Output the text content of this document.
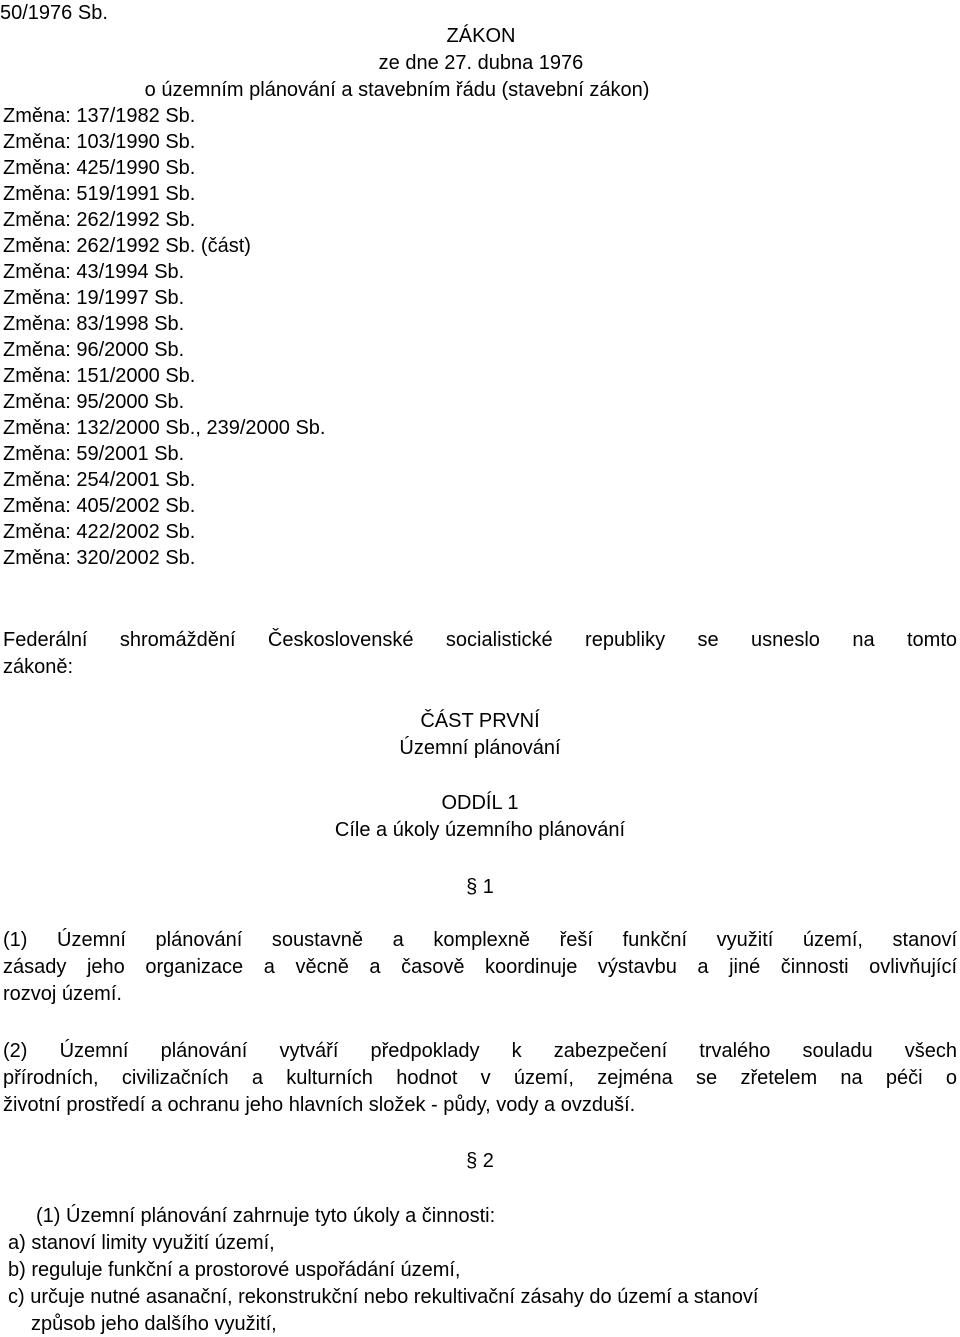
50/1976 Sb.
ZÁKON
ze dne 27. dubna 1976
o územním plánování a stavebním řádu (stavební zákon)
Změna: 137/1982 Sb.
Změna: 103/1990 Sb.
Změna: 425/1990 Sb.
Změna: 519/1991 Sb.
Změna: 262/1992 Sb.
Změna: 262/1992 Sb. (část)
Změna: 43/1994 Sb.
Změna: 19/1997 Sb.
Změna: 83/1998 Sb.
Změna: 96/2000 Sb.
Změna: 151/2000 Sb.
Změna: 95/2000 Sb.
Změna: 132/2000 Sb., 239/2000 Sb.
Změna: 59/2001 Sb.
Změna: 254/2001 Sb.
Změna: 405/2002 Sb.
Změna: 422/2002 Sb.
Změna: 320/2002 Sb.
Federální shromáždění Československé socialistické republiky se usneslo na tomto
zákoně:
ČÁST PRVNÍ
Územní plánování
ODDÍL 1
Cíle a úkoly územního plánování
§ 1
(1) Územní plánování soustavně a komplexně řeší funkční využití území, stanoví
zásady jeho organizace a věcně a časově koordinuje výstavbu a jiné činnosti ovlivňující
rozvoj území.
(2) Územní plánování vytváří předpoklady k zabezpečení trvalého souladu všech
přírodních, civilizačních a kulturních hodnot v území, zejména se zřetelem na péči o
životní prostředí a ochranu jeho hlavních složek - půdy, vody a ovzduší.
§ 2
(1) Územní plánování zahrnuje tyto úkoly a činnosti:
a) stanoví limity využití území,
b) reguluje funkční a prostorové uspořádání území,
c) určuje nutné asanační, rekonstrukční nebo rekultivační zásahy do území a stanoví
způsob jeho dalšího využití,
